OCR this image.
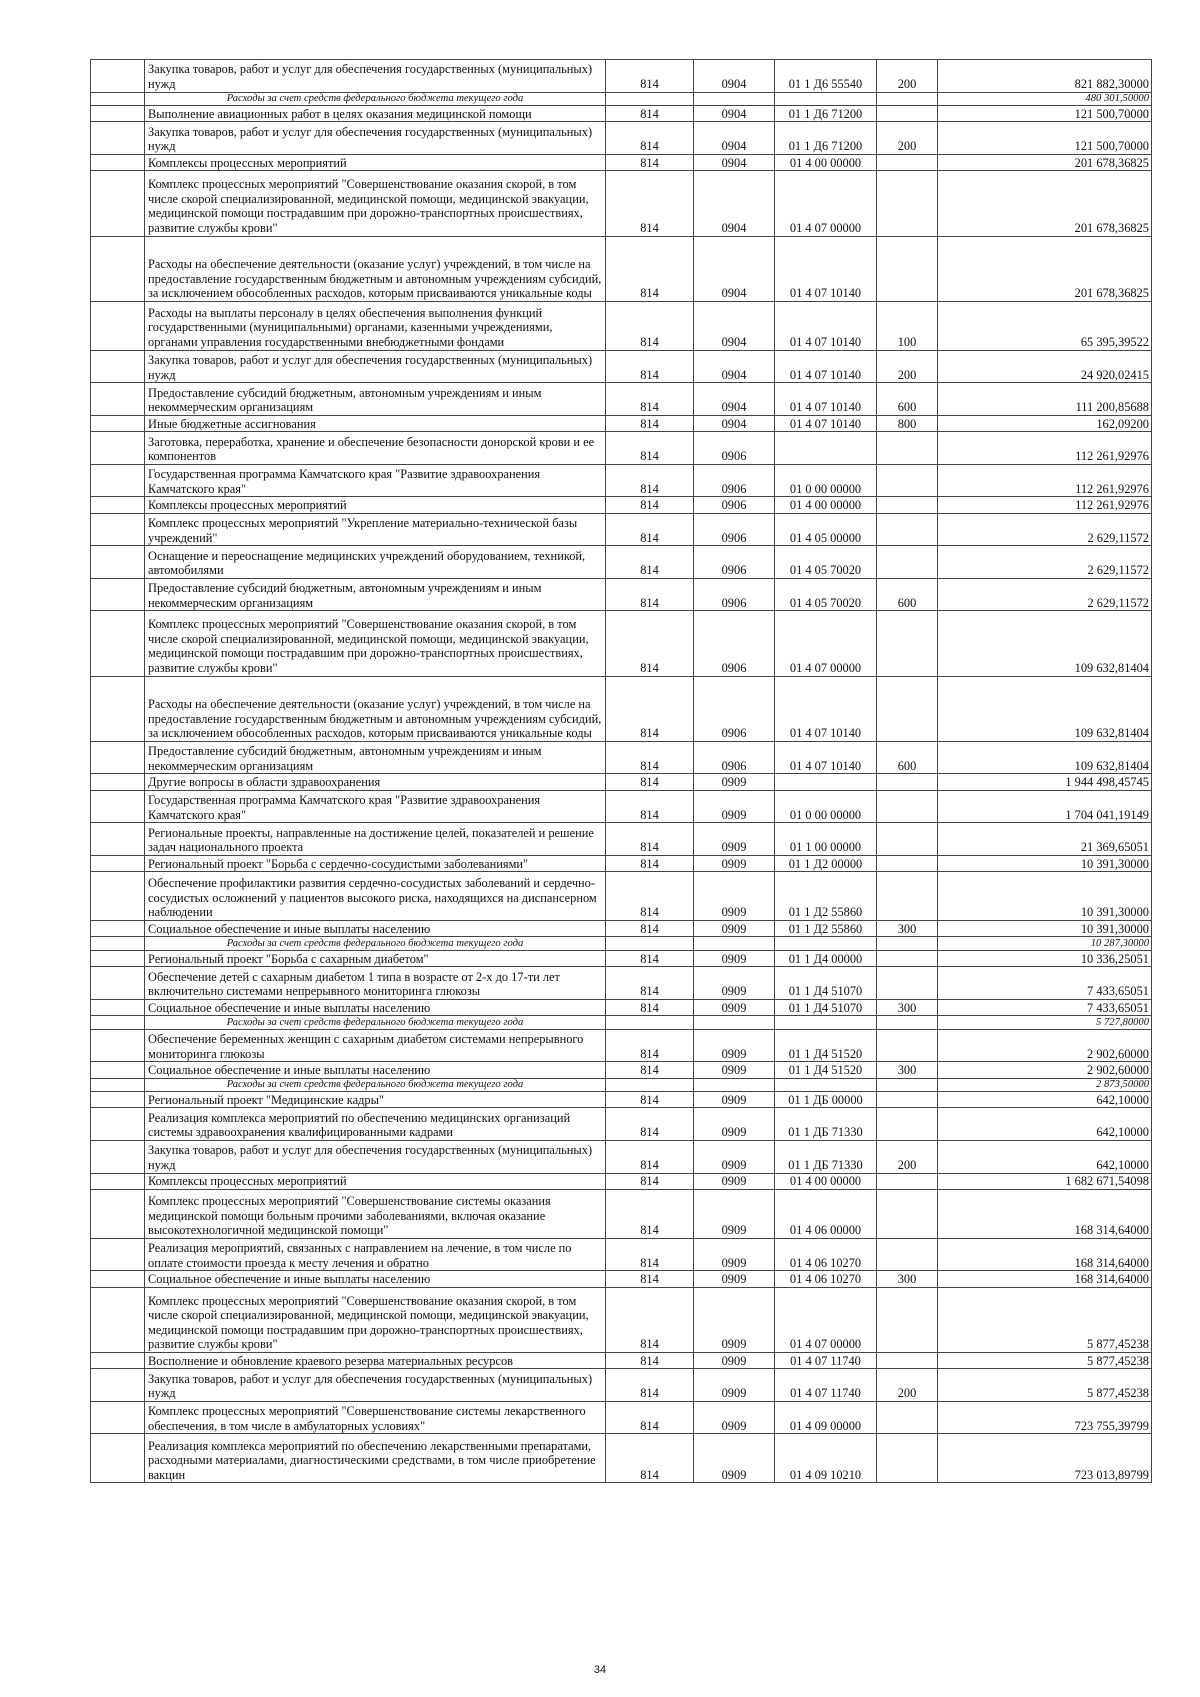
	Закупка товаров, работ и услуг для обеспечения государственных (муниципальных) нужд	814	0904	01 1 Д6 55540	200	821 882,30000
	Расходы за счет средств федерального бюджета текущего года					480 301,50000
	Выполнение авиационных работ в целях оказания медицинской помощи	814	0904	01 1 Д6 71200		121 500,70000
	Закупка товаров, работ и услуг для обеспечения государственных (муниципальных) нужд	814	0904	01 1 Д6 71200	200	121 500,70000
	Комплексы процессных мероприятий	814	0904	01 4 00 00000		201 678,36825
	Комплекс процессных мероприятий "Совершенствование оказания скорой, в том числе скорой специализированной, медицинской помощи, медицинской эвакуации, медицинской помощи пострадавшим при дорожно-транспортных происшествиях, развитие службы крови"	814	0904	01 4 07 00000		201 678,36825
	Расходы на обеспечение деятельности (оказание услуг) учреждений, в том числе на предоставление государственным бюджетным и автономным учреждениям субсидий, за исключением обособленных расходов, которым присваиваются уникальные коды	814	0904	01 4 07 10140		201 678,36825
	Расходы на выплаты персоналу в целях обеспечения выполнения функций государственными (муниципальными) органами, казенными учреждениями, органами управления государственными внебюджетными фондами	814	0904	01 4 07 10140	100	65 395,39522
	Закупка товаров, работ и услуг для обеспечения государственных (муниципальных) нужд	814	0904	01 4 07 10140	200	24 920,02415
	Предоставление субсидий бюджетным, автономным учреждениям и иным некоммерческим организациям	814	0904	01 4 07 10140	600	111 200,85688
	Иные бюджетные ассигнования	814	0904	01 4 07 10140	800	162,09200
	Заготовка, переработка, хранение и обеспечение безопасности донорской крови и ее компонентов	814	0906			112 261,92976
	Государственная программа Камчатского края "Развитие здравоохранения Камчатского края"	814	0906	01 0 00 00000		112 261,92976
	Комплексы процессных мероприятий	814	0906	01 4 00 00000		112 261,92976
	Комплекс процессных мероприятий "Укрепление материально-технической базы учреждений"	814	0906	01 4 05 00000		2 629,11572
	Оснащение и переоснащение медицинских учреждений оборудованием, техникой, автомобилями	814	0906	01 4 05 70020		2 629,11572
	Предоставление субсидий бюджетным, автономным учреждениям и иным некоммерческим организациям	814	0906	01 4 05 70020	600	2 629,11572
	Комплекс процессных мероприятий "Совершенствование оказания скорой, в том числе скорой специализированной, медицинской помощи, медицинской эвакуации, медицинской помощи пострадавшим при дорожно-транспортных происшествиях, развитие службы крови"	814	0906	01 4 07 00000		109 632,81404
	Расходы на обеспечение деятельности (оказание услуг) учреждений, в том числе на предоставление государственным бюджетным и автономным учреждениям субсидий, за исключением обособленных расходов, которым присваиваются уникальные коды	814	0906	01 4 07 10140		109 632,81404
	Предоставление субсидий бюджетным, автономным учреждениям и иным некоммерческим организациям	814	0906	01 4 07 10140	600	109 632,81404
	Другие вопросы в области здравоохранения	814	0909			1 944 498,45745
	Государственная программа Камчатского края "Развитие здравоохранения Камчатского края"	814	0909	01 0 00 00000		1 704 041,19149
	Региональные проекты, направленные на достижение целей, показателей и решение задач национального проекта	814	0909	01 1 00 00000		21 369,65051
	Региональный проект "Борьба с сердечно-сосудистыми заболеваниями"	814	0909	01 1 Д2 00000		10 391,30000
	Обеспечение профилактики развития сердечно-сосудистых заболеваний и сердечно-сосудистых осложнений у пациентов высокого риска, находящихся на диспансерном наблюдении	814	0909	01 1 Д2 55860		10 391,30000
	Социальное обеспечение и иные выплаты населению	814	0909	01 1 Д2 55860	300	10 391,30000
	Расходы за счет средств федерального бюджета текущего года					10 287,30000
	Региональный проект "Борьба с сахарным диабетом"	814	0909	01 1 Д4 00000		10 336,25051
	Обеспечение детей с сахарным диабетом 1 типа в возрасте от 2-х до 17-ти лет включительно системами непрерывного мониторинга глюкозы	814	0909	01 1 Д4 51070		7 433,65051
	Социальное обеспечение и иные выплаты населению	814	0909	01 1 Д4 51070	300	7 433,65051
	Расходы за счет средств федерального бюджета текущего года					5 727,80000
	Обеспечение беременных женщин с сахарным диабетом системами непрерывного мониторинга глюкозы	814	0909	01 1 Д4 51520		2 902,60000
	Социальное обеспечение и иные выплаты населению	814	0909	01 1 Д4 51520	300	2 902,60000
	Расходы за счет средств федерального бюджета текущего года					2 873,50000
	Региональный проект "Медицинские кадры"	814	0909	01 1 ДБ 00000		642,10000
	Реализация комплекса мероприятий по обеспечению медицинских организаций системы здравоохранения квалифицированными кадрами	814	0909	01 1 ДБ 71330		642,10000
	Закупка товаров, работ и услуг для обеспечения государственных (муниципальных) нужд	814	0909	01 1 ДБ 71330	200	642,10000
	Комплексы процессных мероприятий	814	0909	01 4 00 00000		1 682 671,54098
	Комплекс процессных мероприятий "Совершенствование системы оказания медицинской помощи больным прочими заболеваниями, включая оказание высокотехнологичной медицинской помощи"	814	0909	01 4 06 00000		168 314,64000
	Реализация мероприятий, связанных с направлением на лечение, в том числе по оплате стоимости проезда к месту лечения и обратно	814	0909	01 4 06 10270		168 314,64000
	Социальное обеспечение и иные выплаты населению	814	0909	01 4 06 10270	300	168 314,64000
	Комплекс процессных мероприятий "Совершенствование оказания скорой, в том числе скорой специализированной, медицинской помощи, медицинской эвакуации, медицинской помощи пострадавшим при дорожно-транспортных происшествиях, развитие службы крови"	814	0909	01 4 07 00000		5 877,45238
	Восполнение и обновление краевого резерва материальных ресурсов	814	0909	01 4 07 11740		5 877,45238
	Закупка товаров, работ и услуг для обеспечения государственных (муниципальных) нужд	814	0909	01 4 07 11740	200	5 877,45238
	Комплекс процессных мероприятий "Совершенствование системы лекарственного обеспечения, в том числе в амбулаторных условиях"	814	0909	01 4 09 00000		723 755,39799
	Реализация комплекса мероприятий по обеспечению лекарственными препаратами, расходными материалами, диагностическими средствами, в том числе приобретение вакцин	814	0909	01 4 09 10210		723 013,89799
34
